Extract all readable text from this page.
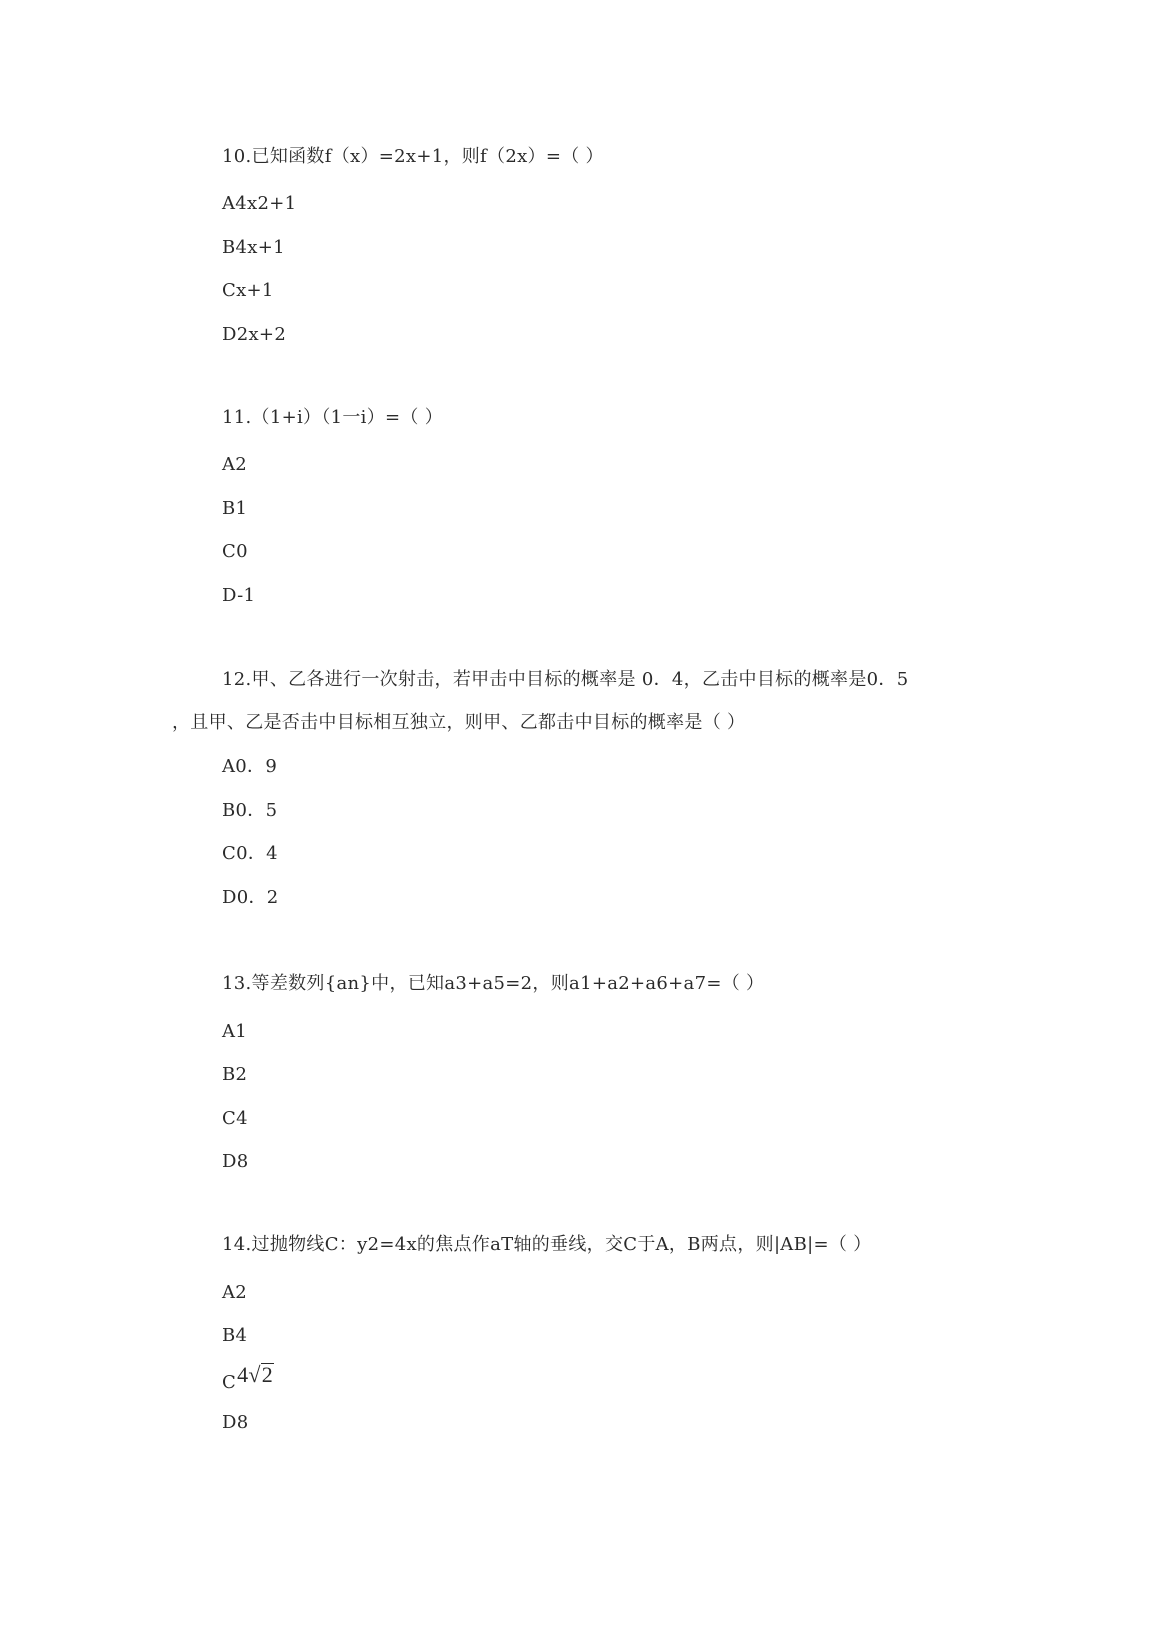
10.已知函数f（x）=2x+1，则f（2x）=（ ）
A4x2+1
B4x+1
Cx+1
D2x+2
11.（1+i）（1一i）=（ ）
A2
B1
C0
D-1
12.甲、乙各进行一次射击，若甲击中目标的概率是 0．4，乙击中目标的概率是0．5
，且甲、乙是否击中目标相互独立，则甲、乙都击中目标的概率是（ ）
A0．9
B0．5
C0．4
D0．2
13.等差数列{an}中，已知a3+a5=2，则a1+a2+a6+a7=（ ）
A1
B2
C4
D8
14.过抛物线C：y2=4x的焦点作aT轴的垂线，交C于A，B两点，则|AB|=（ ）
A2
B4
C4√2
D8
